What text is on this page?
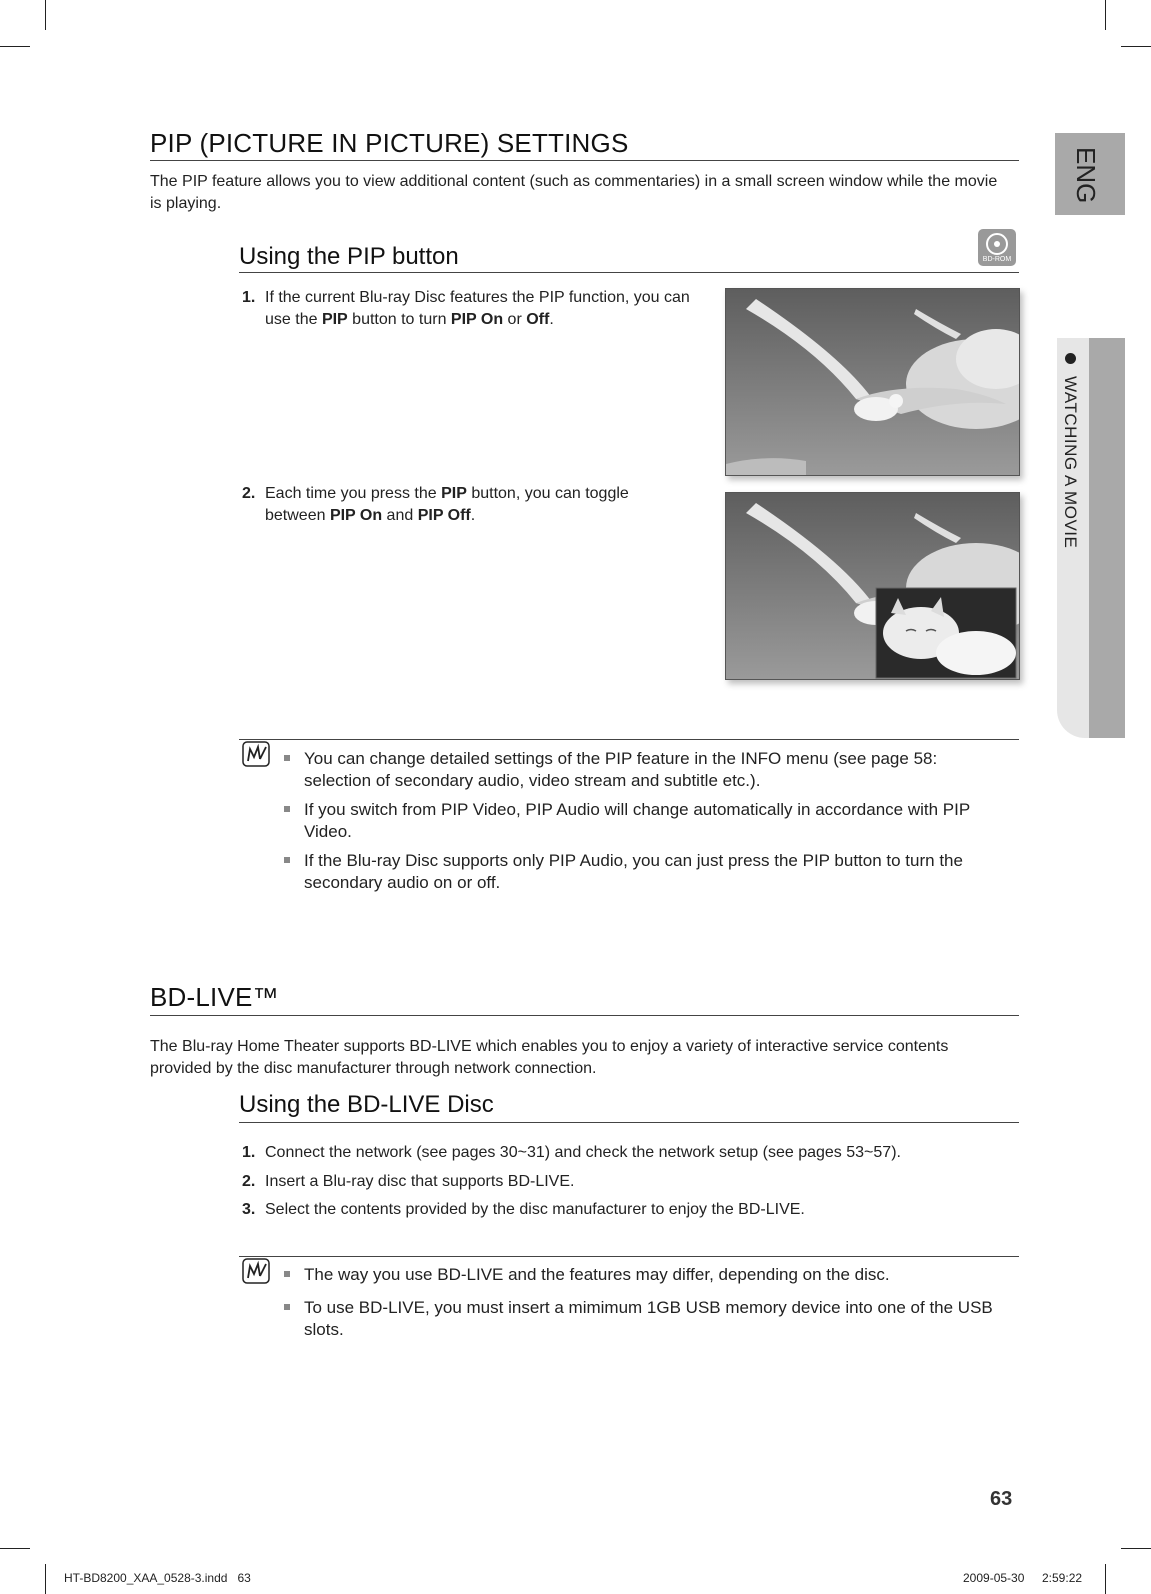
ENG
WATCHING A MOVIE
PIP (PICTURE IN PICTURE) SETTINGS
The PIP feature allows you to view additional content (such as commentaries) in a small screen window while the movie is playing.
Using the PIP button	BD-ROM
1. If the current Blu-ray Disc features the PIP function, you can use the PIP button to turn PIP On or Off.
2. Each time you press the PIP button, you can toggle between PIP On and PIP Off.
You can change detailed settings of the PIP feature in the INFO menu (see page 58: selection of secondary audio, video stream and subtitle etc.).
If you switch from PIP Video, PIP Audio will change automatically in accordance with PIP Video.
If the Blu-ray Disc supports only PIP Audio, you can just press the PIP button to turn the secondary audio on or off.
BD-LIVE™
The Blu-ray Home Theater supports BD-LIVE which enables you to enjoy a variety of interactive service contents provided by the disc manufacturer through network connection.
Using the BD-LIVE Disc
1. Connect the network (see pages 30~31) and check the network setup (see pages 53~57).
2. Insert a Blu-ray disc that supports BD-LIVE.
3. Select the contents provided by the disc manufacturer to enjoy the BD-LIVE.
The way you use BD-LIVE and the features may differ, depending on the disc.
To use BD-LIVE, you must insert a mimimum 1GB USB memory device into one of the USB slots.
63
HT-BD8200_XAA_0528-3.indd   63	2009-05-30 2:59:22
